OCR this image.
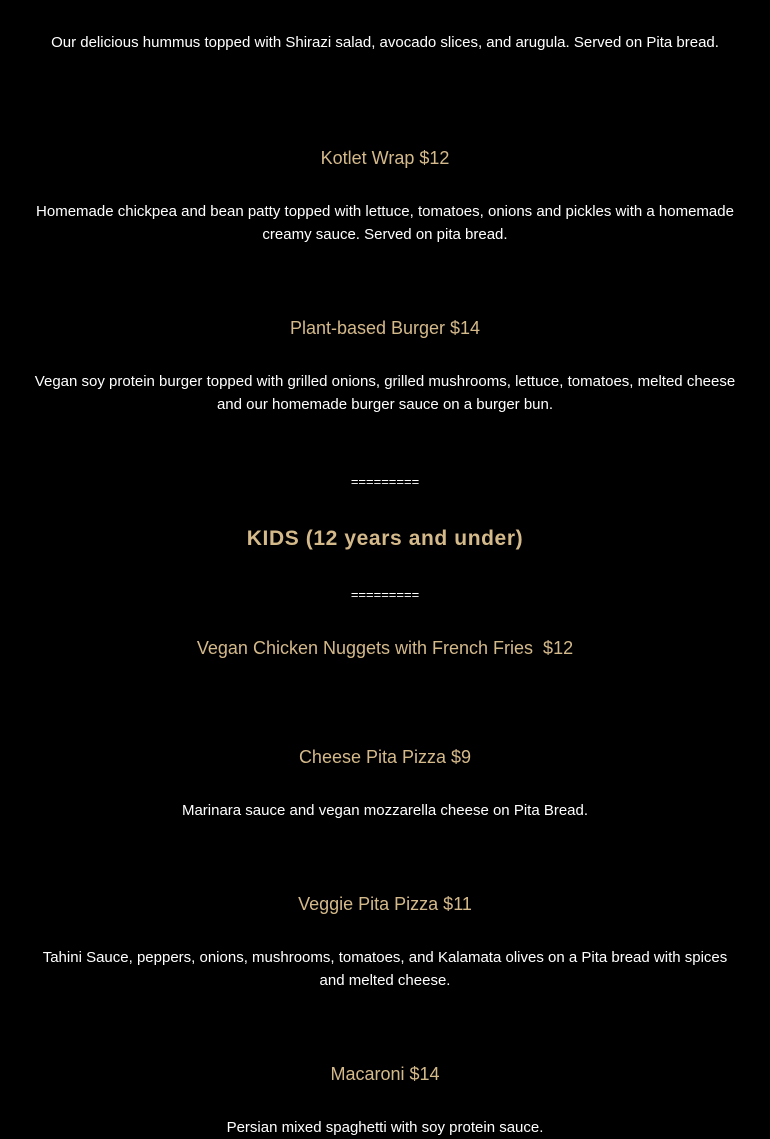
Our delicious hummus topped with Shirazi salad, avocado slices, and arugula. Served on Pita bread.
Kotlet Wrap $12
Homemade chickpea and bean patty topped with lettuce, tomatoes, onions and pickles with a homemade creamy sauce. Served on pita bread.
Plant-based Burger $14
Vegan soy protein burger topped with grilled onions, grilled mushrooms, lettuce, tomatoes, melted cheese and our homemade burger sauce on a burger bun.
=========
KIDS (12 years and under)
=========
Vegan Chicken Nuggets with French Fries  $12
Cheese Pita Pizza $9
Marinara sauce and vegan mozzarella cheese on Pita Bread.
Veggie Pita Pizza $11
Tahini Sauce, peppers, onions, mushrooms, tomatoes, and Kalamata olives on a Pita bread with spices and melted cheese.
Macaroni $14
Persian mixed spaghetti with soy protein sauce.
